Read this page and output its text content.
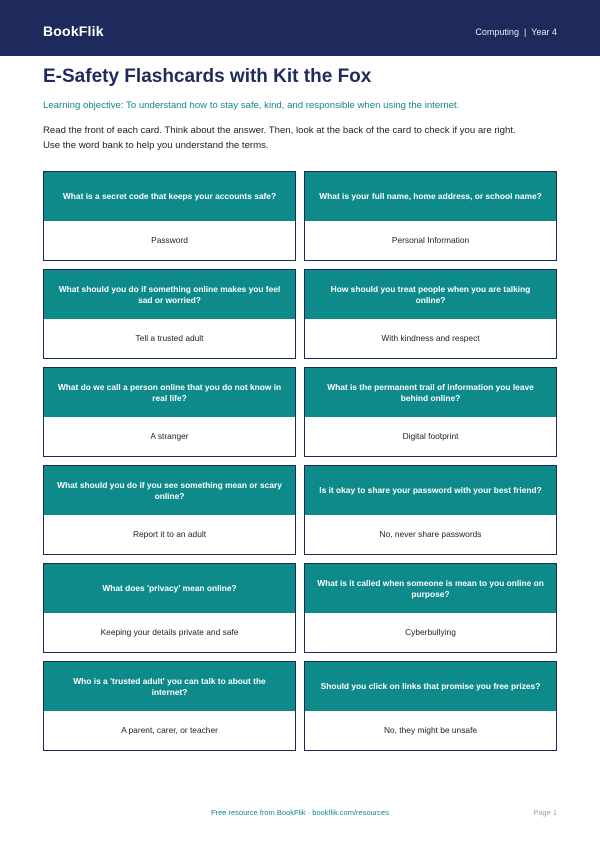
BookFlik	Computing | Year 4
E-Safety Flashcards with Kit the Fox
Learning objective: To understand how to stay safe, kind, and responsible when using the internet.

Read the front of each card. Think about the answer. Then, look at the back of the card to check if you are right.

Use the word bank to help you understand the terms.

What is a secret code that keeps your accounts safe?
Password
What is your full name, home address, or school name?
Personal Information
What should you do if something online makes you feel sad or worried?
Tell a trusted adult
How should you treat people when you are talking online?
With kindness and respect
What do we call a person online that you do not know in real life?
A stranger
What is the permanent trail of information you leave behind online?
Digital footprint
What should you do if you see something mean or scary online?
Report it to an adult
Is it okay to share your password with your best friend?
No, never share passwords
What does 'privacy' mean online?
Keeping your details private and safe
What is it called when someone is mean to you online on purpose?
Cyberbullying
Who is a 'trusted adult' you can talk to about the internet?
A parent, carer, or teacher
Should you click on links that promise you free prizes?
No, they might be unsafe
Free resource from BookFlik · bookflik.com/resources	Page 1
